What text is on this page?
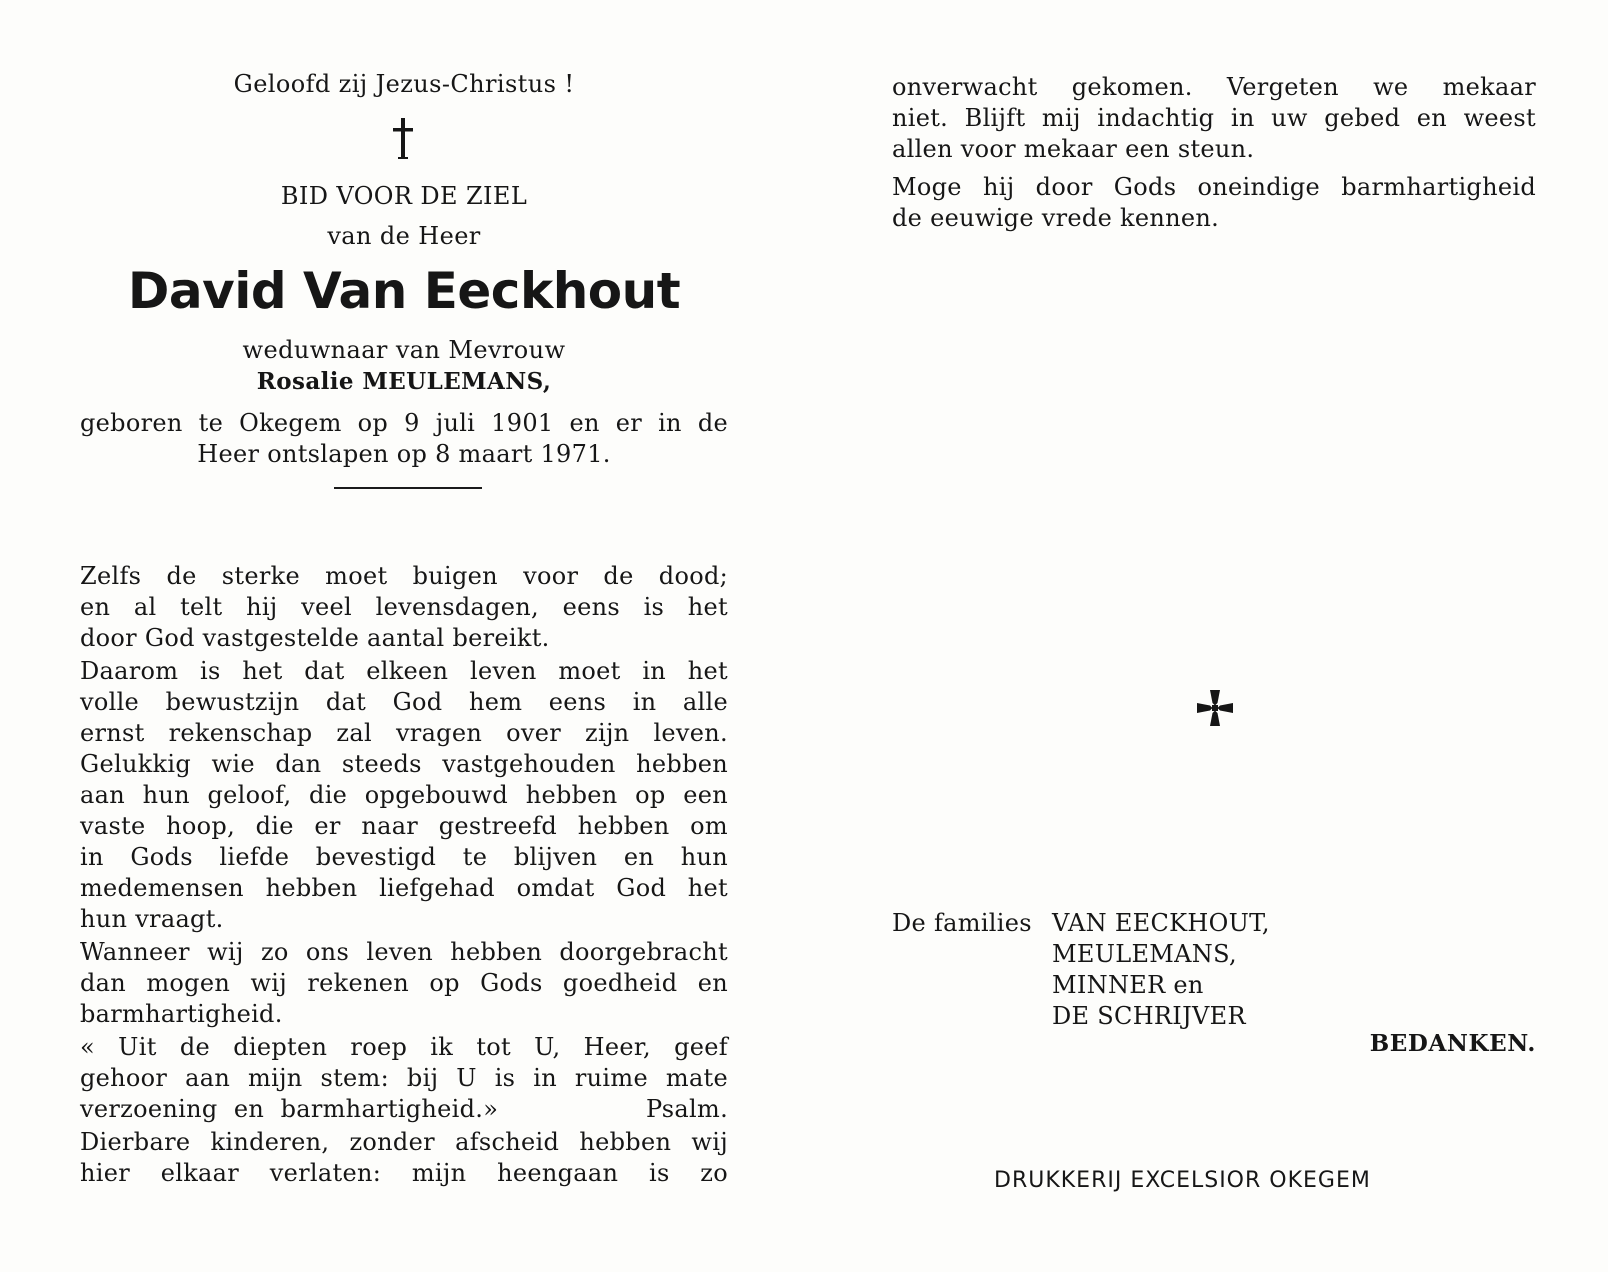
Geloofd zij Jezus-Christus !
BID VOOR DE ZIEL
van de Heer
David Van Eeckhout
weduwnaar van Mevrouw
Rosalie MEULEMANS,
geboren te Okegem op 9 juli 1901 en er in de
Heer ontslapen op 8 maart 1971.

Zelfs de sterke moet buigen voor de dood;
en al telt hij veel levensdagen, eens is het
door God vastgestelde aantal bereikt.

Daarom is het dat elkeen leven moet in het
volle bewustzijn dat God hem eens in alle
ernst rekenschap zal vragen over zijn leven.
Gelukkig wie dan steeds vastgehouden hebben
aan hun geloof, die opgebouwd hebben op een
vaste hoop, die er naar gestreefd hebben om
in Gods liefde bevestigd te blijven en hun
medemensen hebben liefgehad omdat God het
hun vraagt.

Wanneer wij zo ons leven hebben doorgebracht
dan mogen wij rekenen op Gods goedheid en
barmhartigheid.

« Uit de diepten roep ik tot U, Heer, geef
gehoor aan mijn stem: bij U is in ruime mate
verzoening en barmhartigheid.»         Psalm.

Dierbare kinderen, zonder afscheid hebben wij
hier elkaar verlaten: mijn heengaan is zo

onverwacht gekomen. Vergeten we mekaar
niet. Blijft mij indachtig in uw gebed en weest
allen voor mekaar een steun.

Moge hij door Gods oneindige barmhartigheid
de eeuwige vrede kennen.

De families VAN EECKHOUT,
MEULEMANS,
MINNER en
DE SCHRIJVER
BEDANKEN.
DRUKKERIJ EXCELSIOR OKEGEM
